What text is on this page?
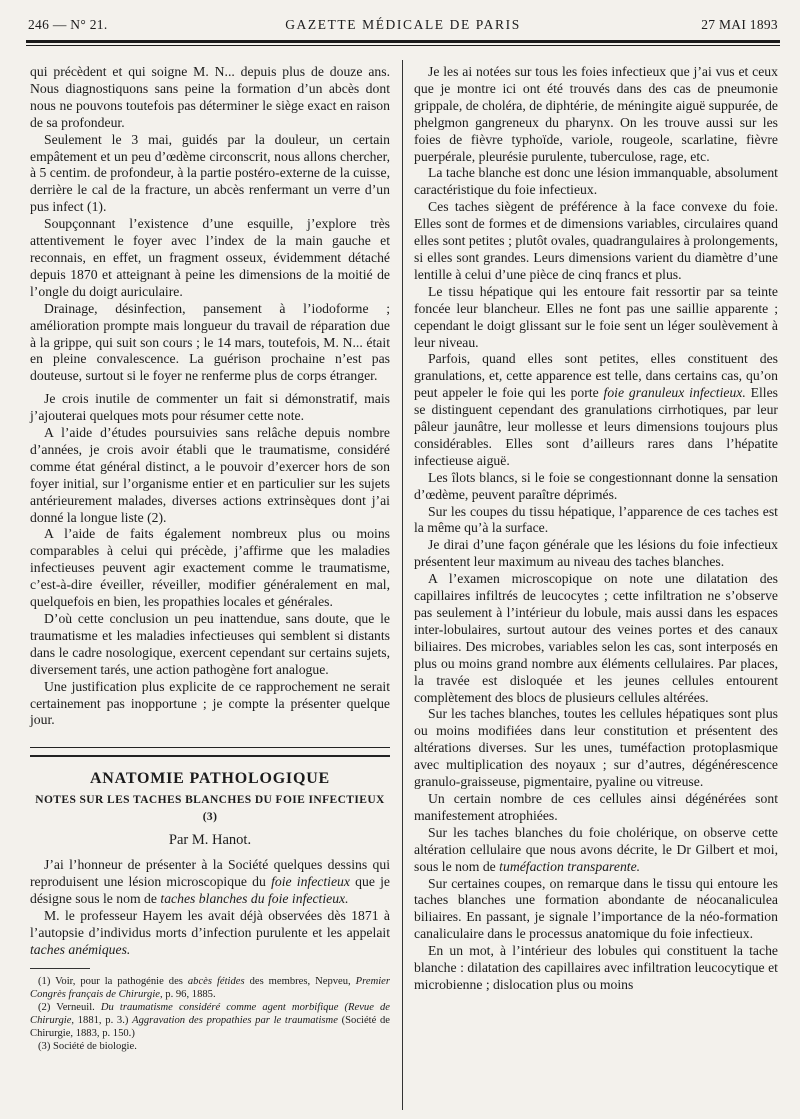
246 — N° 21.	GAZETTE MÉDICALE DE PARIS	27 MAI 1893

qui précèdent et qui soigne M. N... depuis plus de douze ans. Nous diagnostiquons sans peine la formation d’un abcès dont nous ne pouvons toutefois pas déterminer le siège exact en raison de sa profondeur.

Seulement le 3 mai, guidés par la douleur, un certain empâtement et un peu d’œdème circonscrit, nous allons chercher, à 5 centim. de profondeur, à la partie postéro-externe de la cuisse, derrière le cal de la fracture, un abcès renfermant un verre d’un pus infect (1).

Soupçonnant l’existence d’une esquille, j’explore très attentivement le foyer avec l’index de la main gauche et reconnais, en effet, un fragment osseux, évidemment détaché depuis 1870 et atteignant à peine les dimensions de la moitié de l’ongle du doigt auriculaire.

Drainage, désinfection, pansement à l’iodoforme ; amélioration prompte mais longueur du travail de réparation due à la grippe, qui suit son cours ; le 14 mars, toutefois, M. N... était en pleine convalescence. La guérison prochaine n’est pas douteuse, surtout si le foyer ne renferme plus de corps étranger.

Je crois inutile de commenter un fait si démonstratif, mais j’ajouterai quelques mots pour résumer cette note.

A l’aide d’études poursuivies sans relâche depuis nombre d’années, je crois avoir établi que le traumatisme, considéré comme état général distinct, a le pouvoir d’exercer hors de son foyer initial, sur l’organisme entier et en particulier sur les sujets antérieurement malades, diverses actions extrinsèques dont j’ai donné la longue liste (2).

A l’aide de faits également nombreux plus ou moins comparables à celui qui précède, j’affirme que les maladies infectieuses peuvent agir exactement comme le traumatisme, c’est-à-dire éveiller, réveiller, modifier généralement en mal, quelquefois en bien, les propathies locales et générales.

D’où cette conclusion un peu inattendue, sans doute, que le traumatisme et les maladies infectieuses qui semblent si distants dans le cadre nosologique, exercent cependant sur certains sujets, diversement tarés, une action pathogène fort analogue.

Une justification plus explicite de ce rapprochement ne serait certainement pas inopportune ; je compte la présenter quelque jour.

ANATOMIE PATHOLOGIQUE
NOTES SUR LES TACHES BLANCHES DU FOIE INFECTIEUX (3)
Par M. Hanot.

J’ai l’honneur de présenter à la Société quelques dessins qui reproduisent une lésion microscopique du foie infectieux que je désigne sous le nom de taches blanches du foie infectieux.

M. le professeur Hayem les avait déjà observées dès 1871 à l’autopsie d’individus morts d’infection purulente et les appelait taches anémiques.

(1) Voir, pour la pathogénie des abcès fétides des membres, Nepveu, Premier Congrès français de Chirurgie, p. 96, 1885.

(2) Verneuil. Du traumatisme considéré comme agent morbifique (Revue de Chirurgie, 1881, p. 3.) Aggravation des propathies par le traumatisme (Société de Chirurgie, 1883, p. 150.)

(3) Société de biologie.

Je les ai notées sur tous les foies infectieux que j’ai vus et ceux que je montre ici ont été trouvés dans des cas de pneumonie grippale, de choléra, de diphtérie, de méningite aiguë suppurée, de phelgmon gangreneux du pharynx. On les trouve aussi sur les foies de fièvre typhoïde, variole, rougeole, scarlatine, fièvre puerpérale, pleurésie purulente, tuberculose, rage, etc.

La tache blanche est donc une lésion immanquable, absolument caractéristique du foie infectieux.

Ces taches siègent de préférence à la face convexe du foie. Elles sont de formes et de dimensions variables, circulaires quand elles sont petites ; plutôt ovales, quadrangulaires à prolongements, si elles sont grandes. Leurs dimensions varient du diamètre d’une lentille à celui d’une pièce de cinq francs et plus.

Le tissu hépatique qui les entoure fait ressortir par sa teinte foncée leur blancheur. Elles ne font pas une saillie apparente ; cependant le doigt glissant sur le foie sent un léger soulèvement à leur niveau.

Parfois, quand elles sont petites, elles constituent des granulations, et, cette apparence est telle, dans certains cas, qu’on peut appeler le foie qui les porte foie granuleux infectieux. Elles se distinguent cependant des granulations cirrhotiques, par leur pâleur jaunâtre, leur mollesse et leurs dimensions toujours plus considérables. Elles sont d’ailleurs rares dans l’hépatite infectieuse aiguë.

Les îlots blancs, si le foie se congestionnant donne la sensation d’œdème, peuvent paraître déprimés.

Sur les coupes du tissu hépatique, l’apparence de ces taches est la même qu’à la surface.

Je dirai d’une façon générale que les lésions du foie infectieux présentent leur maximum au niveau des taches blanches.

A l’examen microscopique on note une dilatation des capillaires infiltrés de leucocytes ; cette infiltration ne s’observe pas seulement à l’intérieur du lobule, mais aussi dans les espaces inter-lobulaires, surtout autour des veines portes et des canaux biliaires. Des microbes, variables selon les cas, sont interposés en plus ou moins grand nombre aux éléments cellulaires. Par places, la travée est disloquée et les jeunes cellules entourent complètement des blocs de plusieurs cellules altérées.

Sur les taches blanches, toutes les cellules hépatiques sont plus ou moins modifiées dans leur constitution et présentent des altérations diverses. Sur les unes, tuméfaction protoplasmique avec multiplication des noyaux ; sur d’autres, dégénérescence granulo-graisseuse, pigmentaire, pyaline ou vitreuse.

Un certain nombre de ces cellules ainsi dégénérées sont manifestement atrophiées.

Sur les taches blanches du foie cholérique, on observe cette altération cellulaire que nous avons décrite, le Dr Gilbert et moi, sous le nom de tuméfaction transparente.

Sur certaines coupes, on remarque dans le tissu qui entoure les taches blanches une formation abondante de néocanaliculea biliaires. En passant, je signale l’importance de la néo-formation canaliculaire dans le processus anatomique du foie infectieux.

En un mot, à l’intérieur des lobules qui constituent la tache blanche : dilatation des capillaires avec infiltration leucocytique et microbienne ; dislocation plus ou moins
